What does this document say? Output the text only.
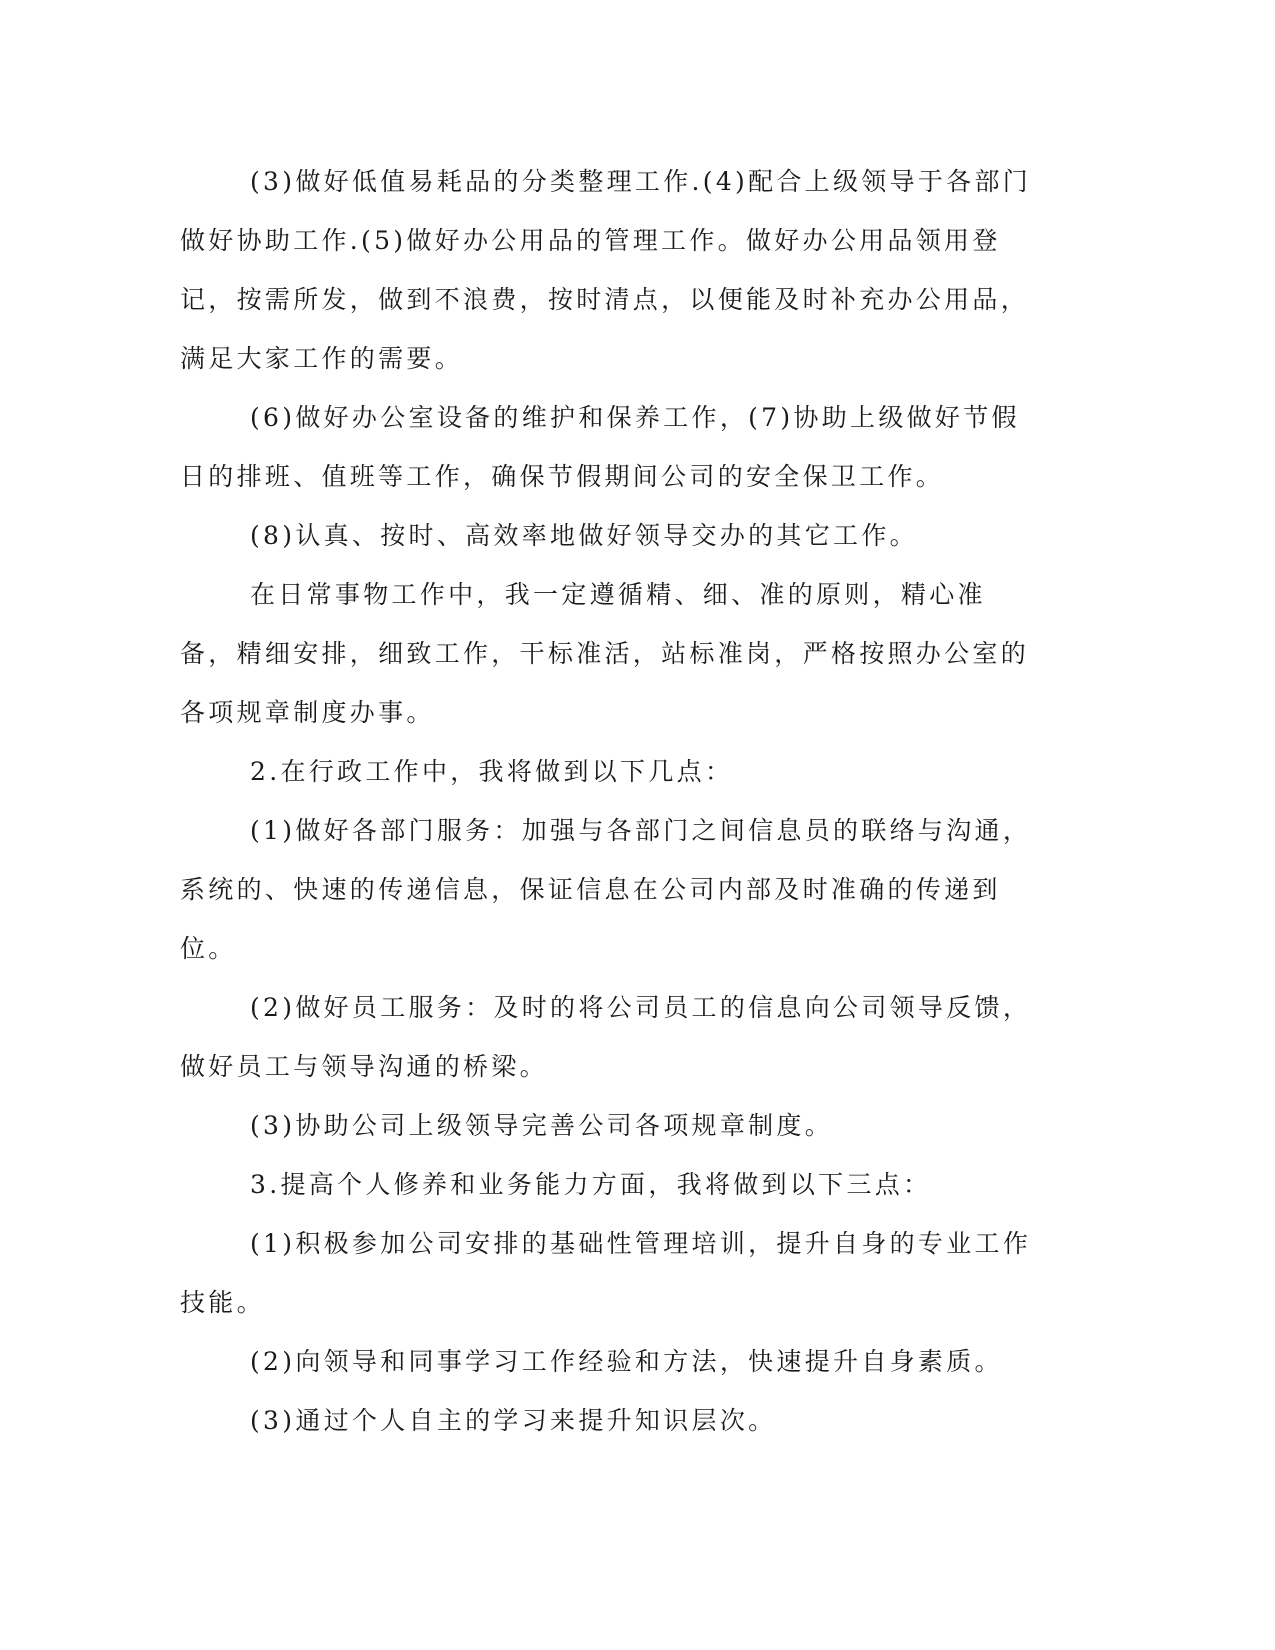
(3)做好低值易耗品的分类整理工作.(4)配合上级领导于各部门做好协助工作.(5)做好办公用品的管理工作。做好办公用品领用登记，按需所发，做到不浪费，按时清点，以便能及时补充办公用品，满足大家工作的需要。

(6)做好办公室设备的维护和保养工作，(7)协助上级做好节假日的排班、值班等工作，确保节假期间公司的安全保卫工作。

(8)认真、按时、高效率地做好领导交办的其它工作。

在日常事物工作中，我一定遵循精、细、准的原则，精心准备，精细安排，细致工作，干标准活，站标准岗，严格按照办公室的各项规章制度办事。

2.在行政工作中，我将做到以下几点：

(1)做好各部门服务：加强与各部门之间信息员的联络与沟通，系统的、快速的传递信息，保证信息在公司内部及时准确的传递到位。

(2)做好员工服务：及时的将公司员工的信息向公司领导反馈，做好员工与领导沟通的桥梁。

(3)协助公司上级领导完善公司各项规章制度。

3.提高个人修养和业务能力方面，我将做到以下三点：

(1)积极参加公司安排的基础性管理培训，提升自身的专业工作技能。

(2)向领导和同事学习工作经验和方法，快速提升自身素质。

(3)通过个人自主的学习来提升知识层次。
